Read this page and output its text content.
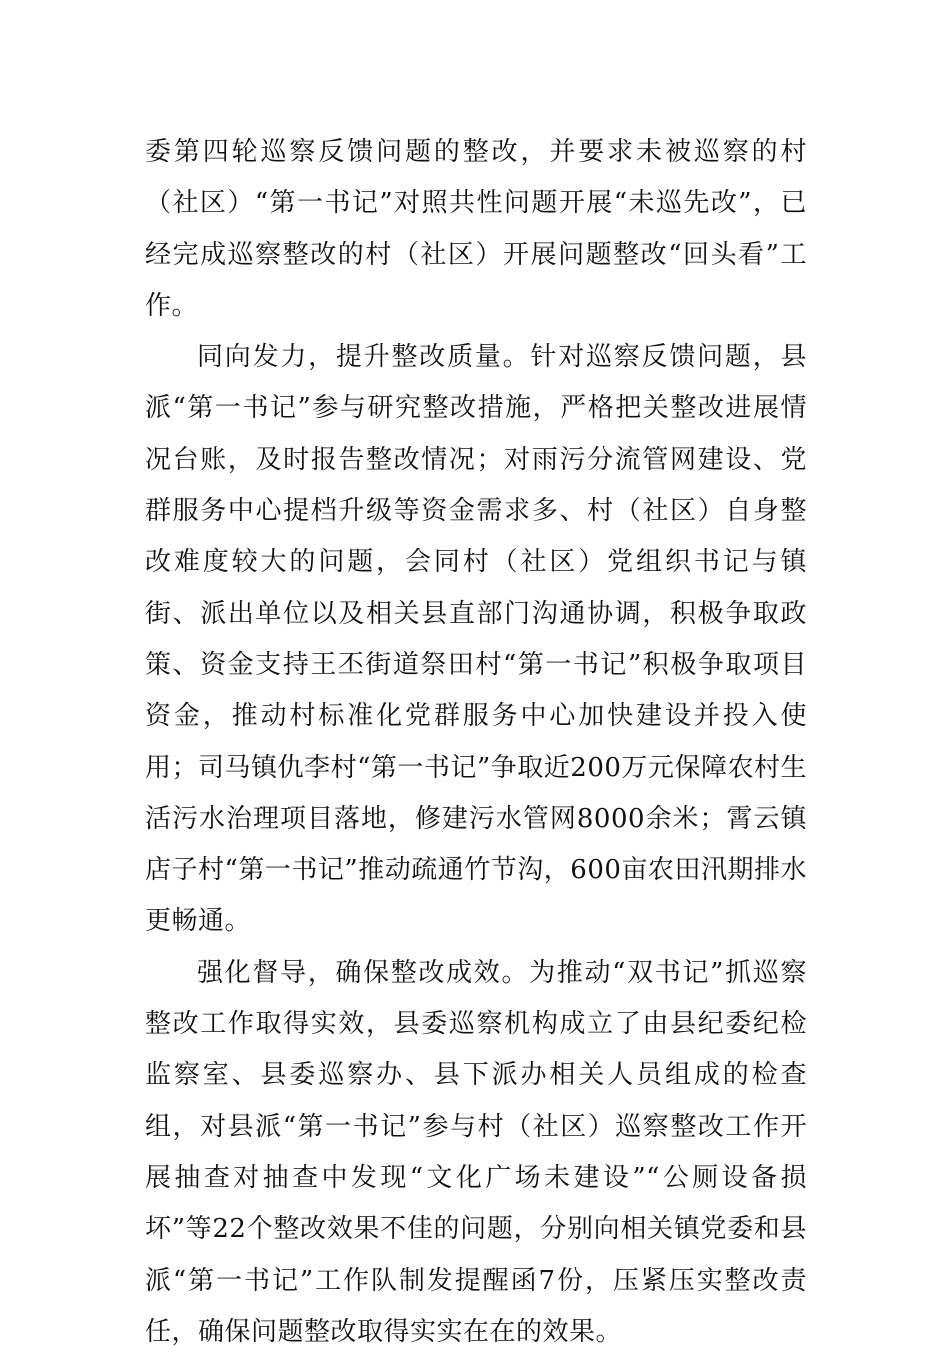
委第四轮巡察反馈问题的整改，并要求未被巡察的村（社区）“第一书记”对照共性问题开展“未巡先改”，已经完成巡察整改的村（社区）开展问题整改“回头看”工作。

同向发力，提升整改质量。针对巡察反馈问题，县派“第一书记”参与研究整改措施，严格把关整改进展情况台账，及时报告整改情况；对雨污分流管网建设、党群服务中心提档升级等资金需求多、村（社区）自身整改难度较大的问题，会同村（社区）党组织书记与镇街、派出单位以及相关县直部门沟通协调，积极争取政策、资金支持王丕街道祭田村“第一书记”积极争取项目资金，推动村标准化党群服务中心加快建设并投入使用；司马镇仇李村“第一书记”争取近200万元保障农村生活污水治理项目落地，修建污水管网8000余米；霄云镇店子村“第一书记”推动疏通竹节沟，600亩农田汛期排水更畅通。

强化督导，确保整改成效。为推动“双书记”抓巡察整改工作取得实效，县委巡察机构成立了由县纪委纪检监察室、县委巡察办、县下派办相关人员组成的检查组，对县派“第一书记”参与村（社区）巡察整改工作开展抽查对抽查中发现“文化广场未建设”“公厕设备损坏”等22个整改效果不佳的问题，分别向相关镇党委和县派“第一书记”工作队制发提醒函7份，压紧压实整改责任，确保问题整改取得实实在在的效果。
